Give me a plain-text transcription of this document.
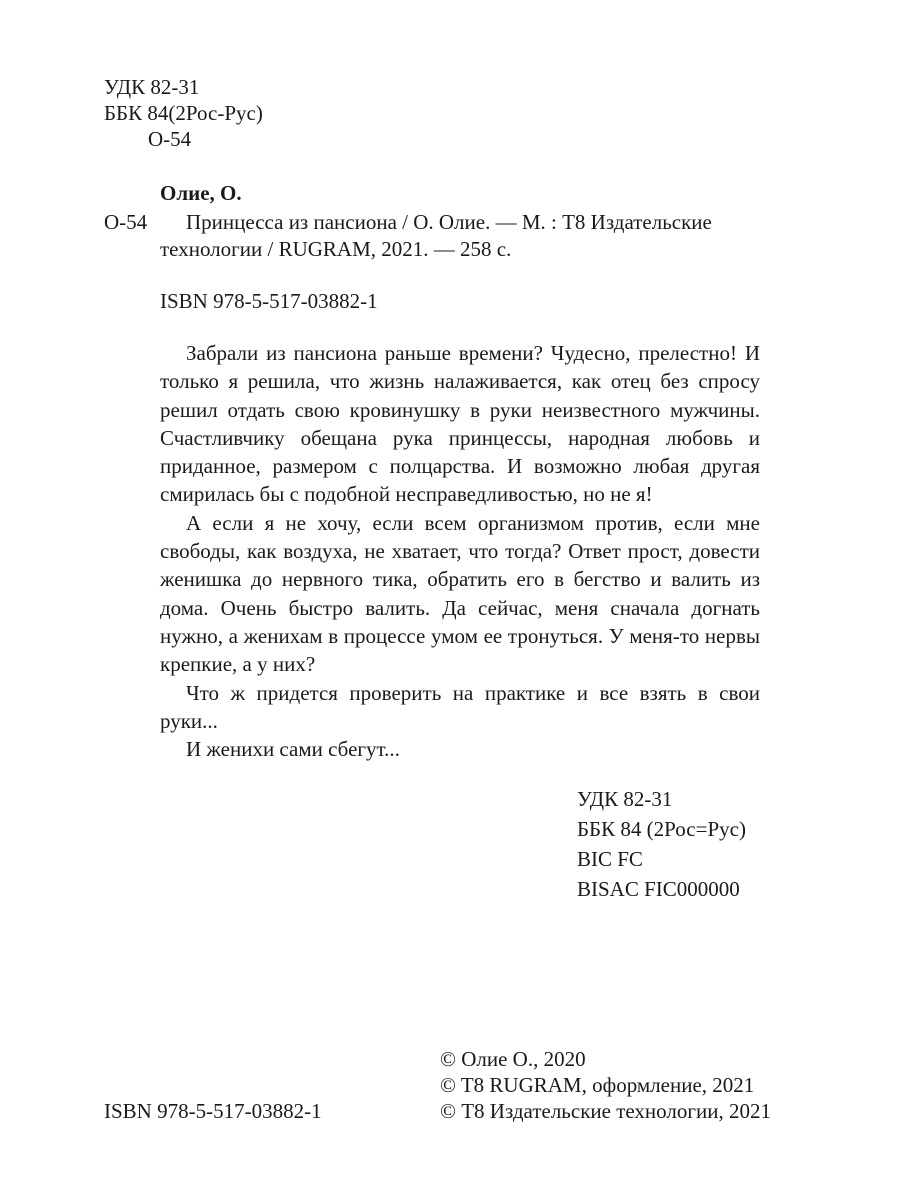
УДК 82-31
ББК 84(2Рос-Рус)
О-54
Олие, О.
О-54 Принцесса из пансиона / О. Олие. — М. : Т8 Издательские
технологии / RUGRAM, 2021. — 258 с.
ISBN 978-5-517-03882-1

Забрали из пансиона раньше времени? Чудесно, прелестно! И только я решила, что жизнь налаживается, как отец без спросу решил отдать свою кровинушку в руки неизвестного мужчины. Счастливчику обещана рука принцессы, народная любовь и приданное, размером с полцарства. И возможно любая другая смирилась бы с подобной несправедливостью, но не я!

А если я не хочу, если всем организмом против, если мне свободы, как воздуха, не хватает, что тогда? Ответ прост, довести женишка до нервного тика, обратить его в бегство и валить из дома. Очень быстро валить. Да сейчас, меня сначала догнать нужно, а женихам в процессе умом ее тронуться. У меня-то нервы крепкие, а у них?

Что ж придется проверить на практике и все взять в свои руки...

И женихи сами сбегут...

УДК 82-31
ББК 84 (2Рос=Рус)
BIC FC
BISAC FIC000000
© Олие О., 2020
© T8 RUGRAM, оформление, 2021
© Т8 Издательские технологии, 2021
ISBN 978-5-517-03882-1
